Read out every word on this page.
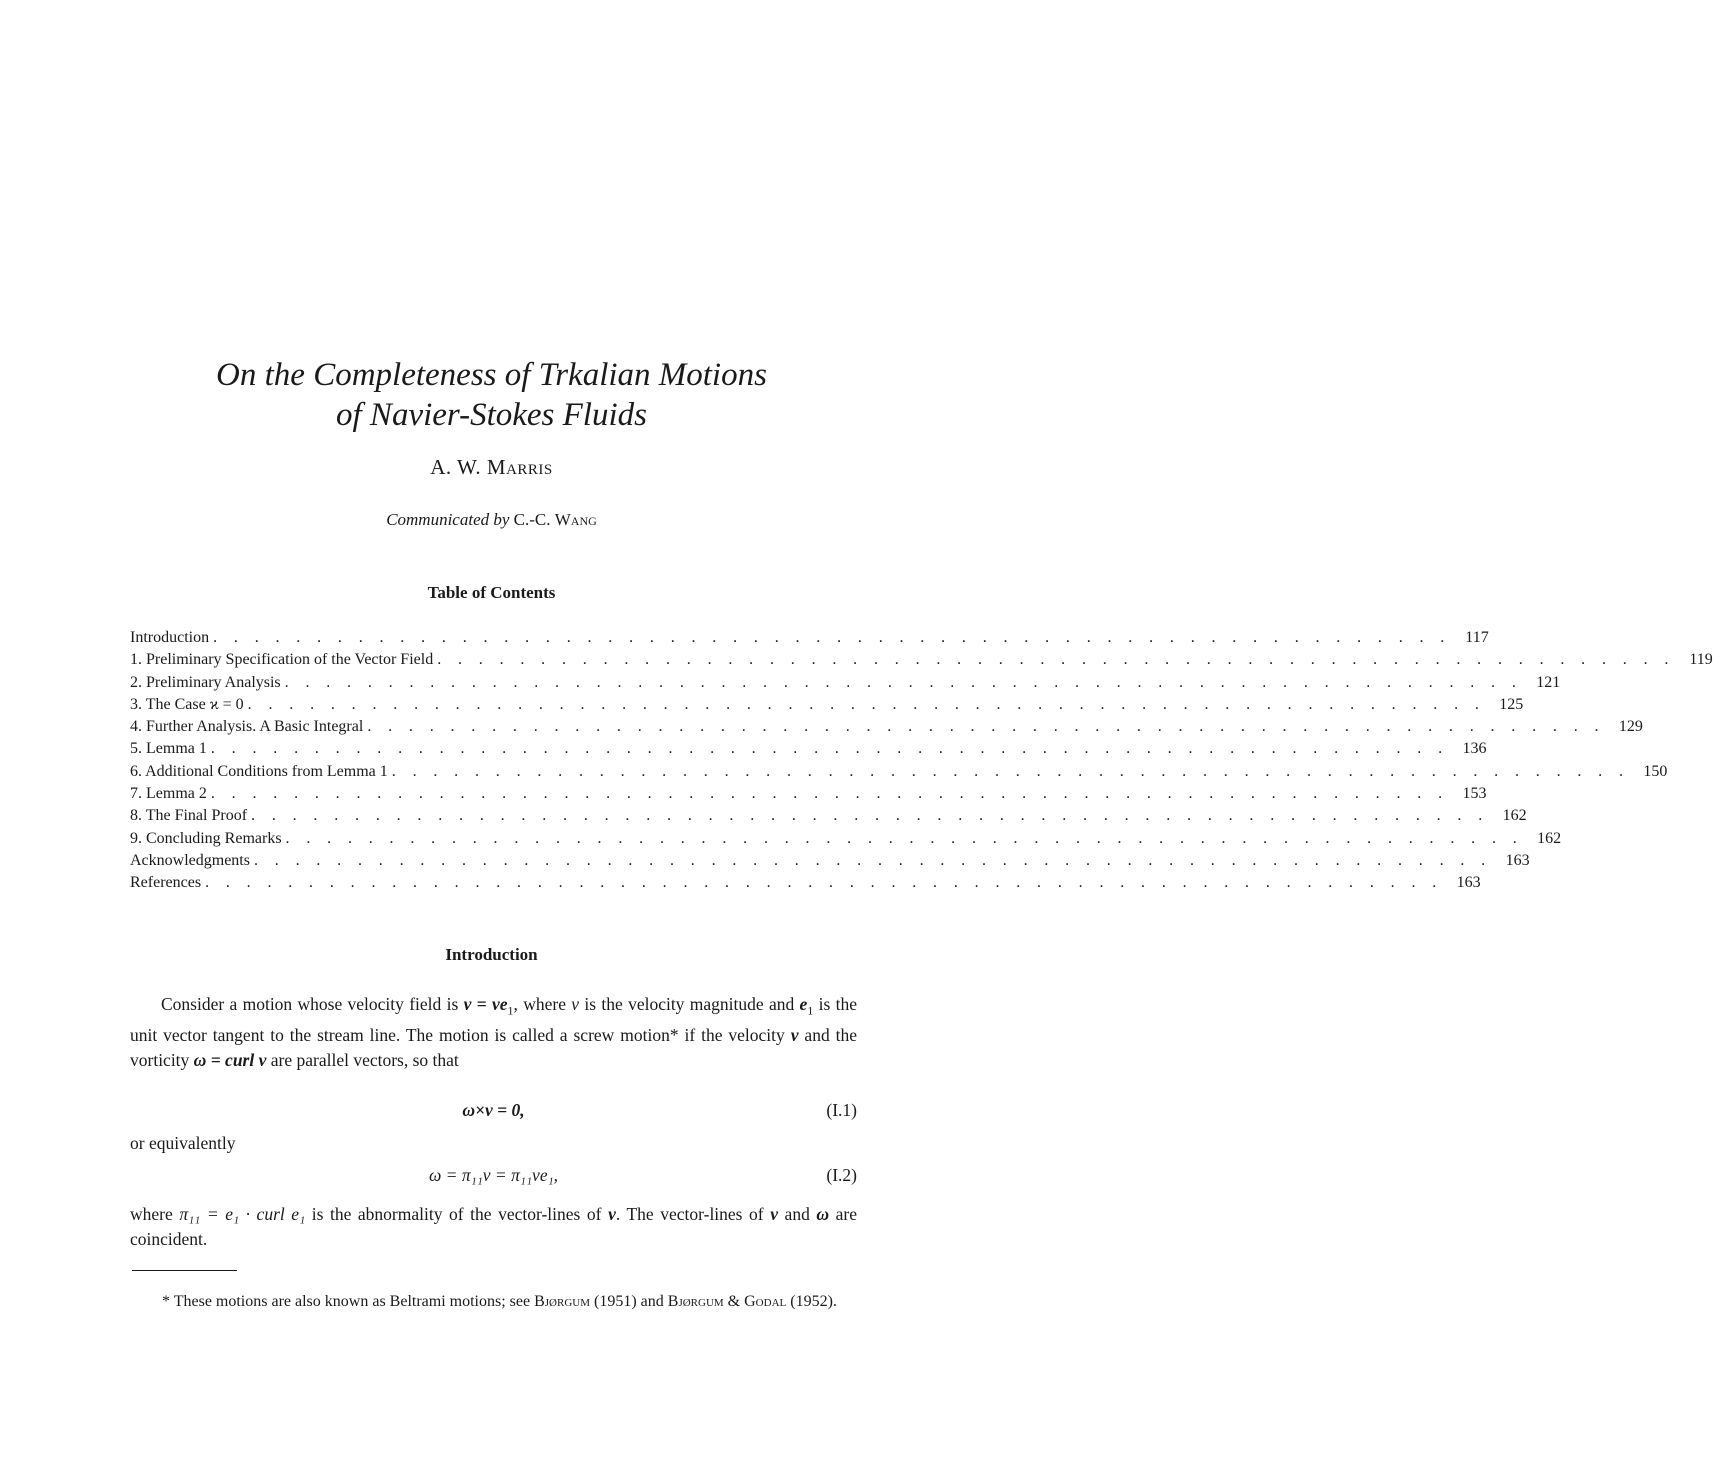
On the Completeness of Trkalian Motions
of Navier-Stokes Fluids
A. W. Marris
Communicated by C.-C. Wang
Table of Contents
Introduction . . . . . . . . . . . . . . . . . . . . . . . . . . . . . . . . . . . . . . . . . . . . . . . . . . . . . . . . . . . . 117
1. Preliminary Specification of the Vector Field . . . . . . . . . . . . . . . . . . . . . . . . . . . . . . . . . . . . . . . . . . . . . . . . . . . . . . . . . . . . 119
2. Preliminary Analysis . . . . . . . . . . . . . . . . . . . . . . . . . . . . . . . . . . . . . . . . . . . . . . . . . . . . . . . . . . . . 121
3. The Case ϰ = 0 . . . . . . . . . . . . . . . . . . . . . . . . . . . . . . . . . . . . . . . . . . . . . . . . . . . . . . . . . . . . 125
4. Further Analysis. A Basic Integral . . . . . . . . . . . . . . . . . . . . . . . . . . . . . . . . . . . . . . . . . . . . . . . . . . . . . . . . . . . . 129
5. Lemma 1 . . . . . . . . . . . . . . . . . . . . . . . . . . . . . . . . . . . . . . . . . . . . . . . . . . . . . . . . . . . . 136
6. Additional Conditions from Lemma 1 . . . . . . . . . . . . . . . . . . . . . . . . . . . . . . . . . . . . . . . . . . . . . . . . . . . . . . . . . . . . 150
7. Lemma 2 . . . . . . . . . . . . . . . . . . . . . . . . . . . . . . . . . . . . . . . . . . . . . . . . . . . . . . . . . . . . 153
8. The Final Proof . . . . . . . . . . . . . . . . . . . . . . . . . . . . . . . . . . . . . . . . . . . . . . . . . . . . . . . . . . . . 162
9. Concluding Remarks . . . . . . . . . . . . . . . . . . . . . . . . . . . . . . . . . . . . . . . . . . . . . . . . . . . . . . . . . . . . 162
Acknowledgments . . . . . . . . . . . . . . . . . . . . . . . . . . . . . . . . . . . . . . . . . . . . . . . . . . . . . . . . . . . . 163
References . . . . . . . . . . . . . . . . . . . . . . . . . . . . . . . . . . . . . . . . . . . . . . . . . . . . . . . . . . . . 163
Introduction

Consider a motion whose velocity field is $v = ve_1$, where v is the velocity magnitude and $e_1$ is the unit vector tangent to the stream line. The motion is called a screw motion* if the velocity v and the vorticity ω = curl v are parallel vectors, so that

ω×v = 0,	(I.1)
or equivalently
ω = π₁₁v = π₁₁ve₁,	(I.2)

where π₁₁ = e₁ · curl e₁ is the abnormality of the vector-lines of v. The vector-lines of v and ω are coincident.

* These motions are also known as Beltrami motions; see Bjørgum (1951) and Bjørgum & Godal (1952).
